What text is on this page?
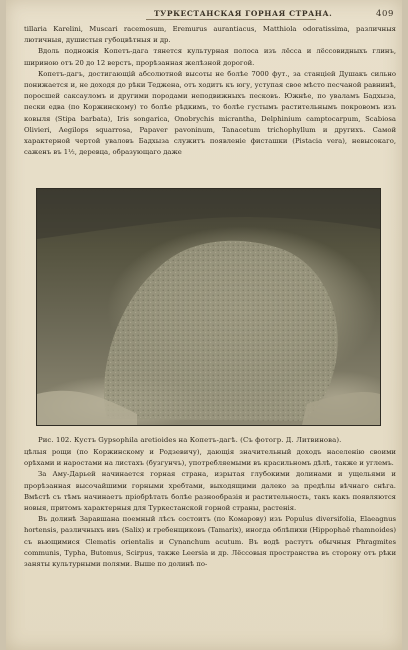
ТУРКЕСТАНСКАЯ ГОРНАЯ СТРАНА.	409

tillaria Karelini, Muscari racemosum, Eremurus aurantiacus, Matthiola odoratissima, различныя лютичныя, душистыя губоцвѣтныя и др.

Вдоль подножія Копетъ-дага тянется культурная полоса изъ лёсса и лёссовидныхъ глинъ, шириною отъ 20 до 12 верстъ, прорѣзанная желѣзной дорогой.

Копетъ-дагъ, достигающій абсолютной высоты не болѣе 7000 фут., за станціей Душакъ сильно понижается и, не доходя до рѣки Теджена, отъ ходитъ къ югу, уступая свое мѣсто песчаной равнинѣ, поросшей саксауломъ и другими породами неподвижныхъ песковъ. Южнѣе, по уваламъ Бадхыза, пески едва (по Коржинскому) то болѣе рѣдкимъ, то болѣе густымъ растительнымъ покровомъ изъ ковыля (Stipa barbata), Iris songarica, Onobrychis micrantha, Delphinium camptocarpum, Scabiosa Olivieri, Aegilops squarrosa, Papaver pavoninum, Tanacetum trichophyllum и другихъ. Самой характерной чертой уваловъ Бадхыза служитъ появленіе фисташки (Pistacia vera), невысокаго, саженъ въ 1½, деревца, образующаго даже

Рис. 102. Кустъ Gypsophila aretioides на Копетъ-дагѣ. (Съ фотогр. Д. Литвинова).

цѣлыя рощи (по Коржинскому и Родзевичу), дающія значительный доходъ населенію своими орѣхами и наростами на листахъ (бузгунчъ), употребляемыми въ красильномъ дѣлѣ, также и углемъ.

За Аму-Дарьей начинается горная страна, изрытая глубокими долинами и ущельями и прорѣзанная высочайшими горными хребтами, выходящими далеко за предѣлы вѣчнаго снѣга. Вмѣстѣ съ тѣмъ начинаетъ пріобрѣтать болѣе разнообразія и растительность, такъ какъ появляются новыя, притомъ характерныя для Туркестанской горной страны, растенія.

Въ долинѣ Заравшана поемный лѣсъ состоитъ (по Комарову) изъ Populus diversifolia, Elaeagnus hortensis, различныхъ ивъ (Salix) и гребенщиковъ (Tamarix), иногда облѣпихи (Hippophaë rhamnoides) съ вьющимися Clematis orientalis и Cynanchum acutum. Въ водѣ растутъ обычныя Phragmites communis, Typha, Butomus, Scirpus, также Leersia и др. Лёссовыя пространства въ сторону отъ рѣки заняты культурными полями. Выше по долинѣ по-
